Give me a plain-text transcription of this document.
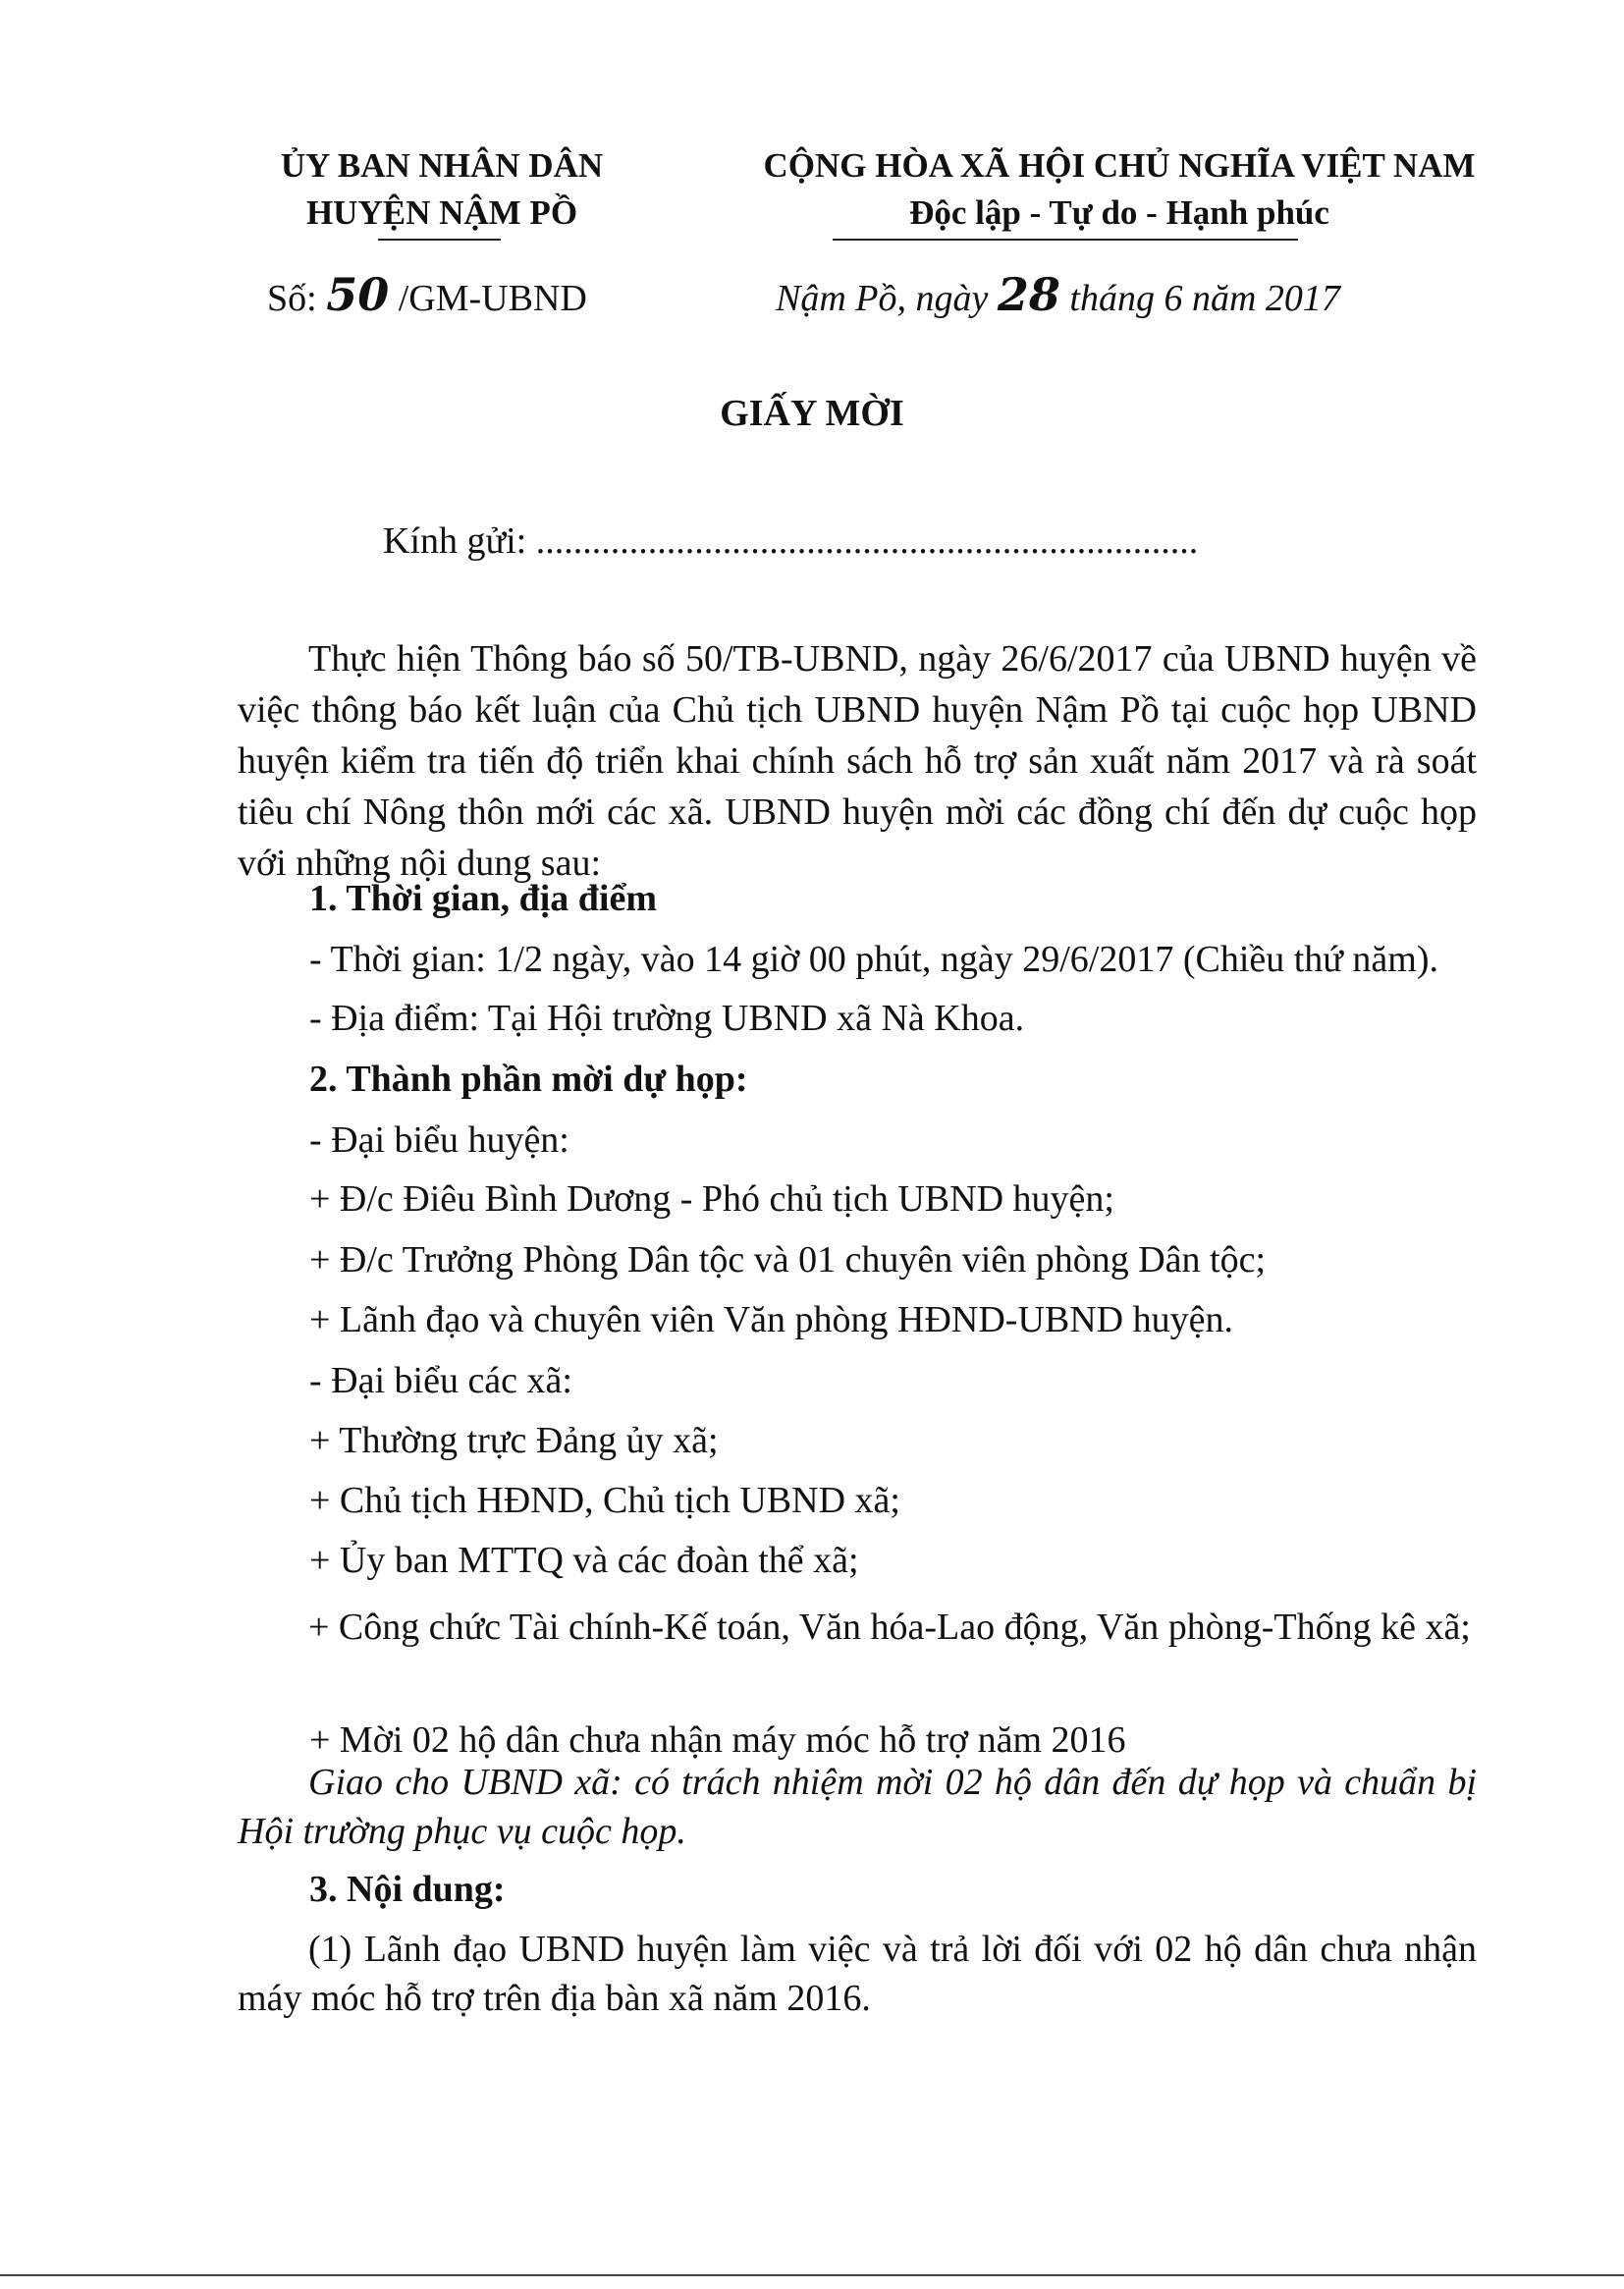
ỦY BAN NHÂN DÂN
HUYỆN NẬM PỒ
CỘNG HÒA XÃ HỘI CHỦ NGHĨA VIỆT NAM
Độc lập - Tự do - Hạnh phúc
Số: 50 /GM-UBND	Nậm Pồ, ngày 28 tháng 6 năm 2017
GIẤY MỜI
Kính gửi: .......................................................................
Thực hiện Thông báo số 50/TB-UBND, ngày 26/6/2017 của UBND huyện về việc thông báo kết luận của Chủ tịch UBND huyện Nậm Pồ tại cuộc họp UBND huyện kiểm tra tiến độ triển khai chính sách hỗ trợ sản xuất năm 2017 và rà soát tiêu chí Nông thôn mới các xã. UBND huyện mời các đồng chí đến dự cuộc họp với những nội dung sau:
1. Thời gian, địa điểm
- Thời gian: 1/2 ngày, vào 14 giờ 00 phút, ngày 29/6/2017 (Chiều thứ năm).
- Địa điểm: Tại Hội trường UBND xã Nà Khoa.
2. Thành phần mời dự họp:
- Đại biểu huyện:
+ Đ/c Điêu Bình Dương - Phó chủ tịch UBND huyện;
+ Đ/c Trưởng Phòng Dân tộc và 01 chuyên viên phòng Dân tộc;
+ Lãnh đạo và chuyên viên Văn phòng HĐND-UBND huyện.
- Đại biểu các xã:
+ Thường trực Đảng ủy xã;
+ Chủ tịch HĐND, Chủ tịch UBND xã;
+ Ủy ban MTTQ và các đoàn thể xã;
+ Công chức Tài chính-Kế toán, Văn hóa-Lao động, Văn phòng-Thống kê xã;
+ Mời 02 hộ dân chưa nhận máy móc hỗ trợ năm 2016
Giao cho UBND xã: có trách nhiệm mời 02 hộ dân đến dự họp và chuẩn bị Hội trường phục vụ cuộc họp.
3. Nội dung:
(1) Lãnh đạo UBND huyện làm việc và trả lời đối với 02 hộ dân chưa nhận máy móc hỗ trợ trên địa bàn xã năm 2016.
